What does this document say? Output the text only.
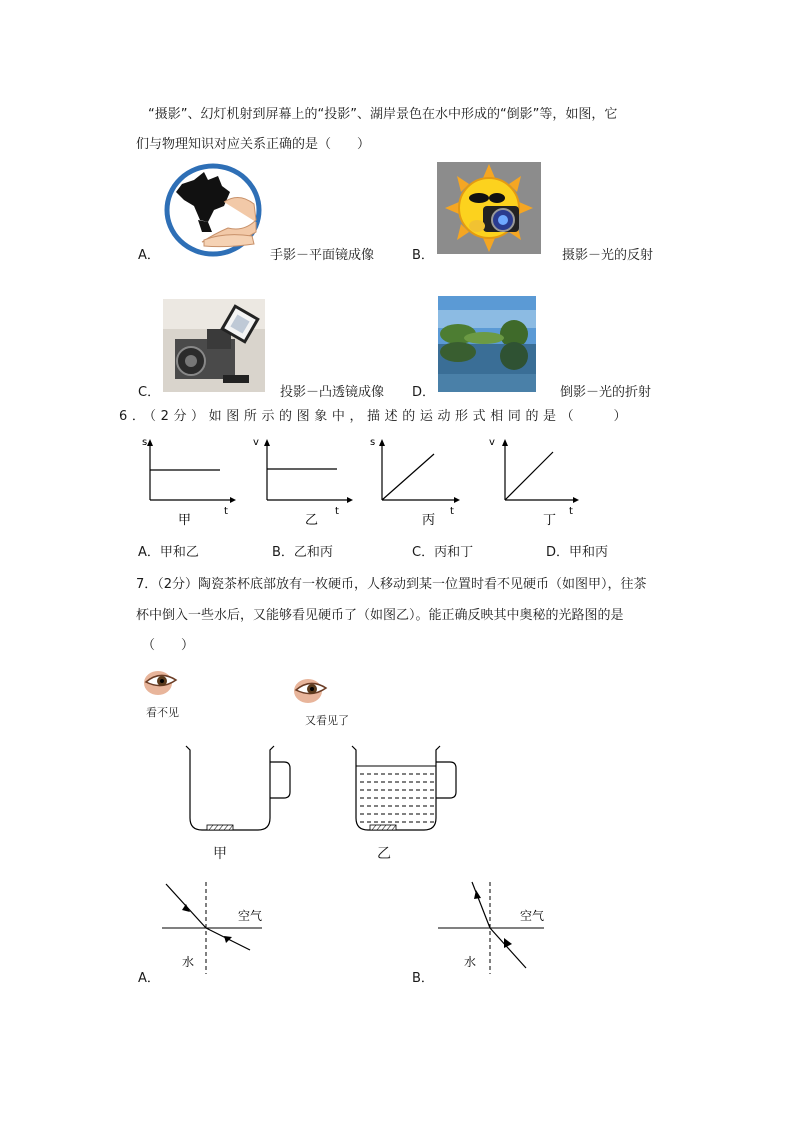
“摄影”、幻灯机射到屏幕上的“投影”、湖岸景色在水中形成的“倒影”等，如图，它
们与物理知识对应关系正确的是（　　）
A．	手影－平面镜成像	B．	摄影－光的反射
C．	投影－凸透镜成像 D．	倒影－光的折射
6．（2分）如图所示的图象中，描述的运动形式相同的是（　　）
s
t
甲
v
t
乙
s
t
丙
v
t
丁
A．甲和乙	B．乙和丙	C．丙和丁	D．甲和丙
7．（2分）陶瓷茶杯底部放有一枚硬币，人移动到某一位置时看不见硬币（如图甲），往茶
杯中倒入一些水后，又能够看见硬币了（如图乙）。能正确反映其中奥秘的光路图的是
（　　）
看不见
又看见了
甲	乙
空气
水
A．
空气
水
B．
